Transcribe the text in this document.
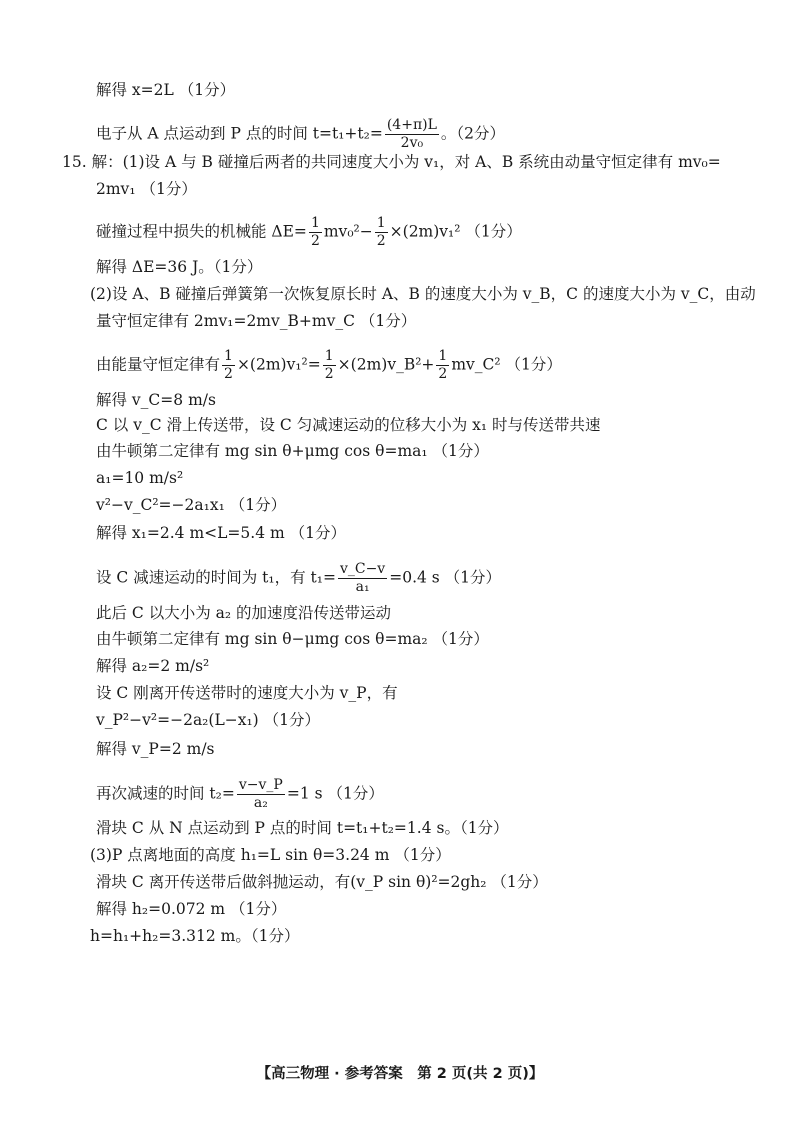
解得 x=2L （1分）
电子从 A 点运动到 P 点的时间 $t=t_1+t_2= \frac{(4+\pi)L}{\text{2v₀}}$ 。（2分）
15. 解：(1)设 A 与 B 碰撞后两者的共同速度大小为 v₁，对 A、B 系统由动量守恒定律有 mv₀=
2mv₁ （1分）
碰撞过程中损失的机械能 $\Delta E= \frac{1}{2} mv_0^2- \frac{1}{2} \times(2m)v_1^2$ （1分）
解得 ΔE=36 J。（1分）
(2)设 A、B 碰撞后弹簧第一次恢复原长时 A、B 的速度大小为 v_B，C 的速度大小为 v_C，由动
量守恒定律有 2mv₁=2mv_B+mv_C （1分）
由能量守恒定律有 $\frac{1}{2} \times(2m)v_1^2= \frac{1}{2}$ ×(2m)v_B²+ $\frac{1}{2}$ mv_C² （1分）
解得 v_C=8 m/s
C 以 v_C 滑上传送带，设 C 匀减速运动的位移大小为 x₁ 时与传送带共速
由牛顿第二定律有 mg sin θ+μmg cos θ=ma₁ （1分）
a₁=10 m/s²
v²−v_C²=−2a₁x₁ （1分）
解得 x₁=2.4 m<L=5.4 m （1分）
设 C 减速运动的时间为 t₁，有 $t_1= \frac{v\_C-v}{\text{a₁}} =0.4$ s （1分）
此后 C 以大小为 a₂ 的加速度沿传送带运动
由牛顿第二定律有 mg sin θ−μmg cos θ=ma₂ （1分）
解得 a₂=2 m/s²
设 C 刚离开传送带时的速度大小为 v_P，有
v_P²−v²=−2a₂(L−x₁) （1分）
解得 v_P=2 m/s
再次减速的时间 $t_2= \frac{v-v\_P}{\text{a₂}} =1$ s （1分）
滑块 C 从 N 点运动到 P 点的时间 t=t₁+t₂=1.4 s。（1分）
(3)P 点离地面的高度 h₁=L sin θ=3.24 m （1分）
滑块 C 离开传送带后做斜抛运动，有(v_P sin θ)²=2gh₂ （1分）
解得 h₂=0.072 m （1分）
h=h₁+h₂=3.312 m。（1分）
【高三物理 · 参考答案　第 2 页(共 2 页)】
